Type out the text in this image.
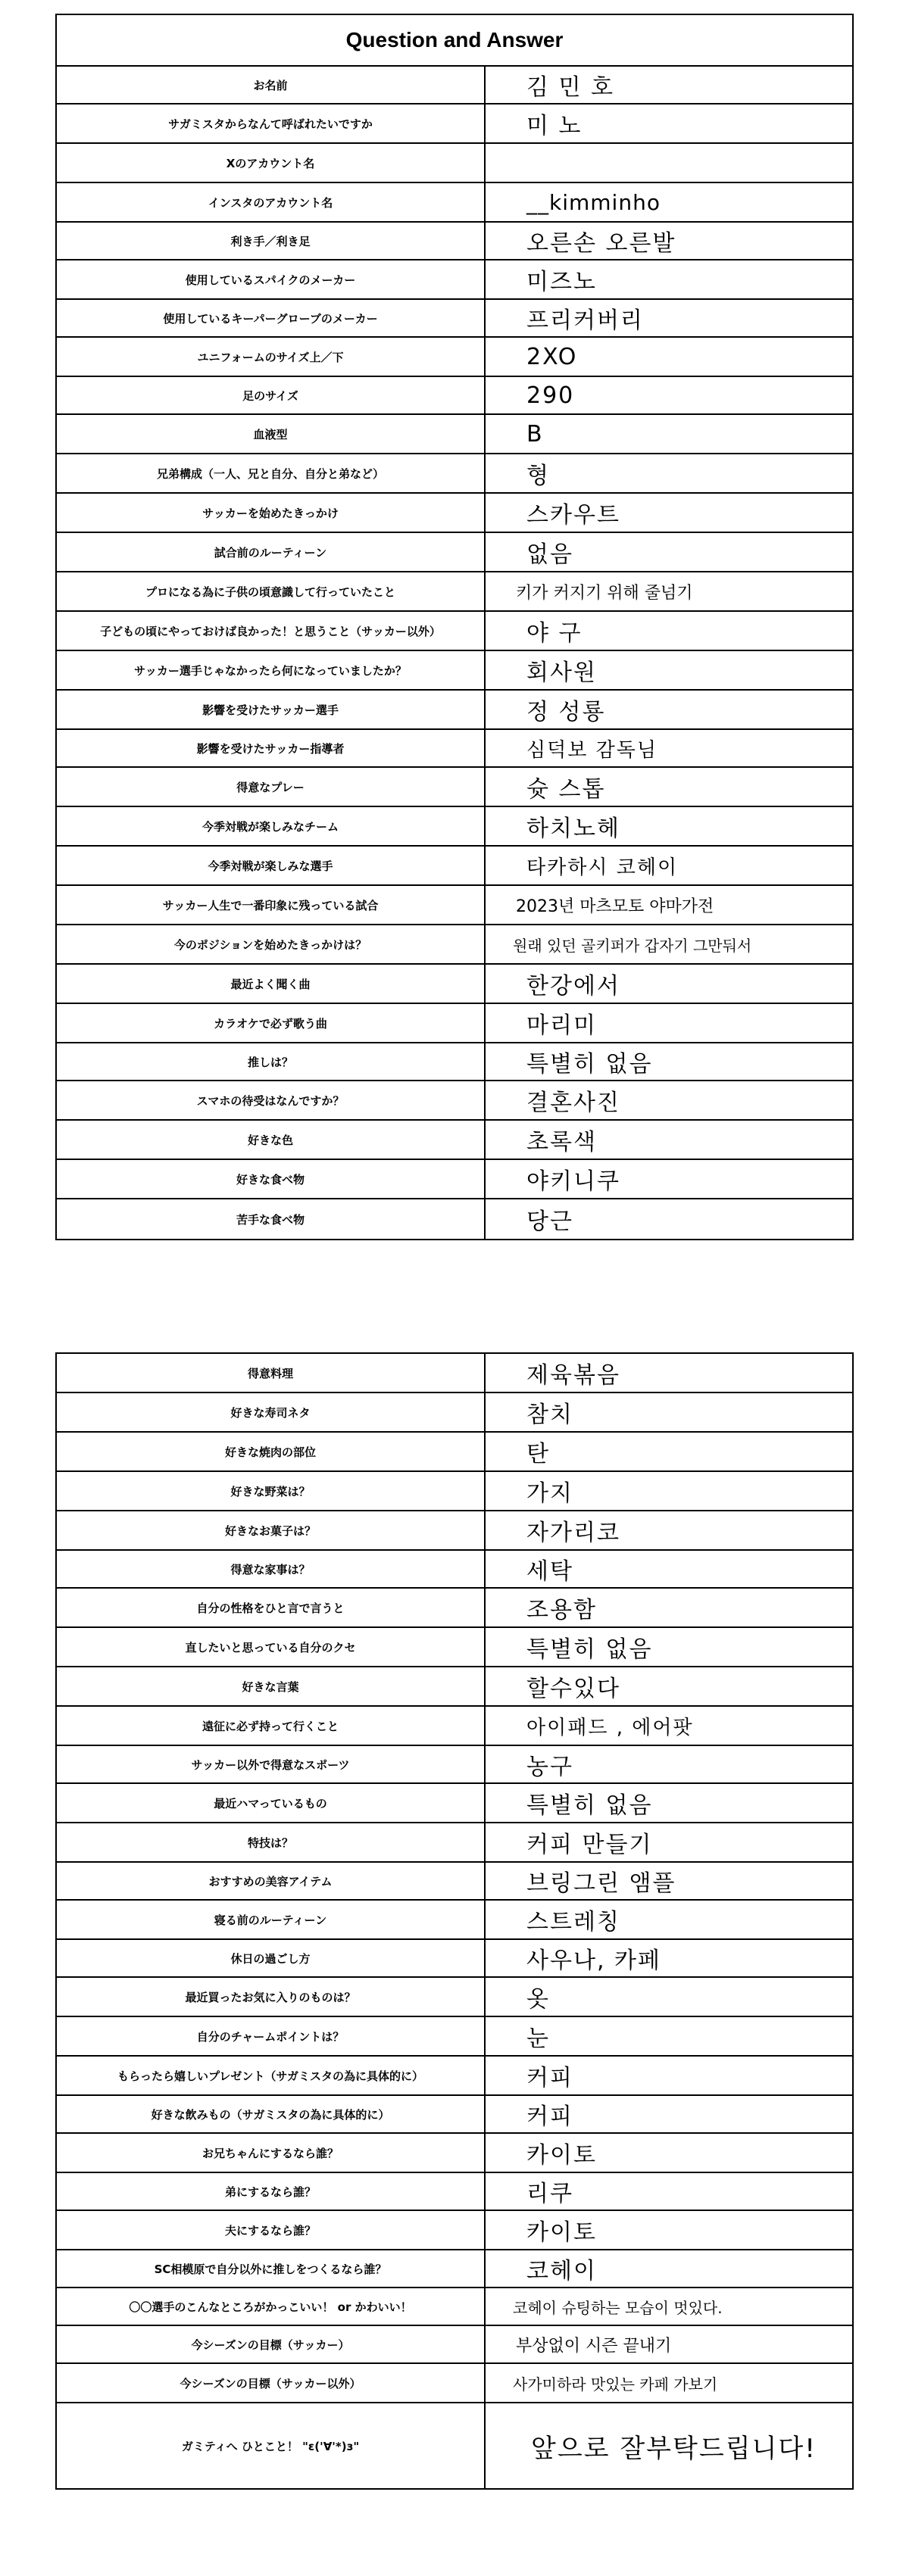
Question and Answer
お名前	김 민 호
サガミスタからなんて呼ばれたいですか	미 노
Xのアカウント名
インスタのアカウント名	__kimminho
利き手／利き足	오른손 오른발
使用しているスパイクのメーカー	미즈노
使用しているキーパーグローブのメーカー	프리커버리
ユニフォームのサイズ上／下	2XO
足のサイズ	290
血液型	B
兄弟構成（一人、兄と自分、自分と弟など）	형
サッカーを始めたきっかけ	스카우트
試合前のルーティーン	없음
プロになる為に子供の頃意識して行っていたこと	키가 커지기 위해 줄넘기
子どもの頃にやっておけば良かった！と思うこと（サッカー以外）	야 구
サッカー選手じゃなかったら何になっていましたか？	회사원
影響を受けたサッカー選手	정 성룡
影響を受けたサッカー指導者	심덕보 감독님
得意なプレー	슛 스톱
今季対戦が楽しみなチーム	하치노헤
今季対戦が楽しみな選手	타카하시 코헤이
サッカー人生で一番印象に残っている試合	2023년 마츠모토 야마가전
今のポジションを始めたきっかけは？	원래 있던 골키퍼가 갑자기 그만둬서
最近よく聞く曲	한강에서
カラオケで必ず歌う曲	마리미
推しは？	특별히 없음
スマホの待受はなんですか？	결혼사진
好きな色	초록색
好きな食べ物	야키니쿠
苦手な食べ物	당근
得意料理	제육볶음
好きな寿司ネタ	참치
好きな焼肉の部位	탄
好きな野菜は？	가지
好きなお菓子は？	자가리코
得意な家事は？	세탁
自分の性格をひと言で言うと	조용함
直したいと思っている自分のクセ	특별히 없음
好きな言葉	할수있다
遠征に必ず持って行くこと	아이패드 , 에어팟
サッカー以外で得意なスポーツ	농구
最近ハマっているもの	특별히 없음
特技は？	커피 만들기
おすすめの美容アイテム	브링그린 앰플
寝る前のルーティーン	스트레칭
休日の過ごし方	사우나, 카페
最近買ったお気に入りのものは？	옷
自分のチャームポイントは？	눈
もらったら嬉しいプレゼント（サガミスタの為に具体的に）	커피
好きな飲みもの（サガミスタの為に具体的に）	커피
お兄ちゃんにするなら誰？	카이토
弟にするなら誰？	리쿠
夫にするなら誰？	카이토
SC相模原で自分以外に推しをつくるなら誰？	코헤이
〇〇選手のこんなところがかっこいい！ or かわいい！	코헤이 슈팅하는 모습이 멋있다.
今シーズンの目標（サッカー）	부상없이 시즌 끝내기
今シーズンの目標（サッカー以外）	사가미하라 맛있는 카페 가보기
ガミティへ ひとこと！ "ε('∀'*)з"	앞으로 잘부탁드립니다!
